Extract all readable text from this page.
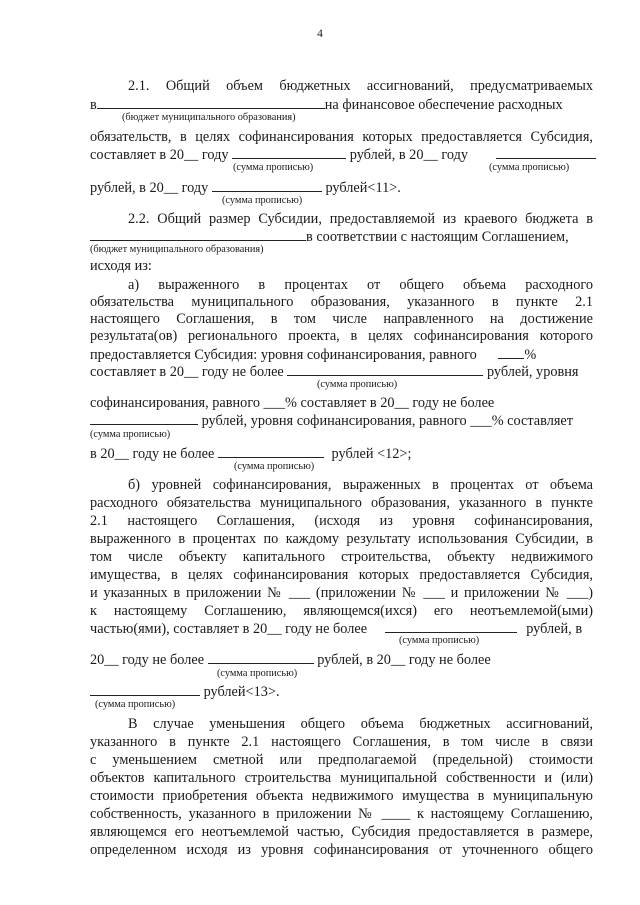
4
2.1. Общий объем бюджетных ассигнований, предусматриваемых
в	на финансовое обеспечение расходных
(бюджет муниципального образования)
обязательств, в целях софинансирования которых предоставляется Субсидия,
составляет в 20__ году	рублей, в 20__ году
(сумма прописью)	(сумма прописью)
рублей, в 20__ году	рублей<11>.
(сумма прописью)
2.2. Общий размер Субсидии, предоставляемой из краевого бюджета в
в соответствии с настоящим Соглашением,
(бюджет муниципального образования)
исходя из:
а) выраженного в процентах от общего объема расходного
обязательства муниципального образования, указанного в пункте 2.1
настоящего Соглашения, в том числе направленного на достижение
результата(ов) регионального проекта, в целях софинансирования которого
предоставляется Субсидия: уровня софинансирования, равного	%
составляет в 20__ году не более	рублей, уровня
(сумма прописью)
софинансирования, равного ___% составляет в 20__ году не более
рублей, уровня софинансирования, равного ___% составляет
(сумма прописью)
в 20__ году не более	рублей <12>;
(сумма прописью)
б) уровней софинансирования, выраженных в процентах от объема
расходного обязательства муниципального образования, указанного в пункте
2.1 настоящего Соглашения, (исходя из уровня софинансирования,
выраженного в процентах по каждому результату использования Субсидии, в
том числе объекту капитального строительства, объекту недвижимого
имущества, в целях софинансирования которых предоставляется Субсидия,
и указанных в приложении № ___ (приложении № ___ и приложении № ___)
к настоящему Соглашению, являющемся(ихся) его неотъемлемой(ыми)
частью(ями), составляет в 20__ году не более	рублей, в
(сумма прописью)
20__ году не более	рублей, в 20__ году не более
(сумма прописью)
рублей<13>.
(сумма прописью)
В случае уменьшения общего объема бюджетных ассигнований,
указанного в пункте 2.1 настоящего Соглашения, в том числе в связи
с уменьшением сметной или предполагаемой (предельной) стоимости
объектов капитального строительства муниципальной собственности и (или)
стоимости приобретения объекта недвижимого имущества в муниципальную
собственность, указанного в приложении № ____ к настоящему Соглашению,
являющемся его неотъемлемой частью, Субсидия предоставляется в размере,
определенном исходя из уровня софинансирования от уточненного общего
